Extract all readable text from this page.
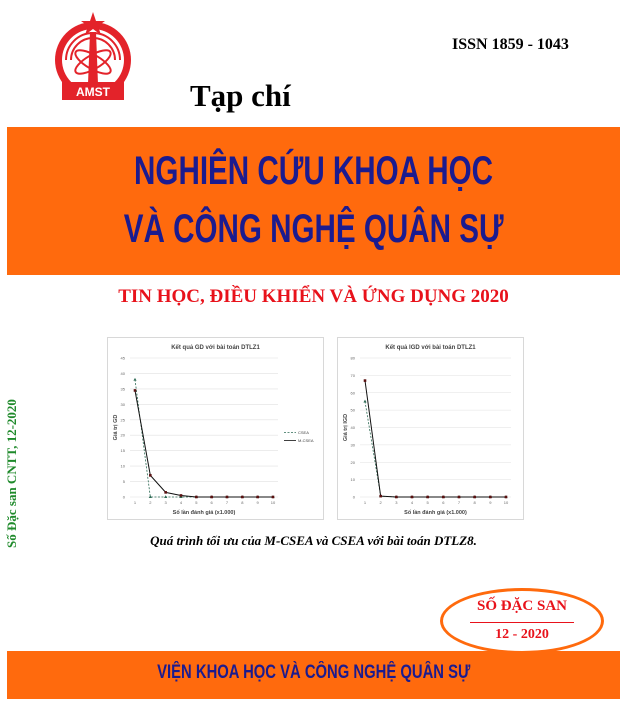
AMST
ISSN 1859 - 1043
Tạp chí
NGHIÊN CỨU KHOA HỌC
VÀ CÔNG NGHỆ QUÂN SỰ
TIN HỌC, ĐIỀU KHIỂN VÀ ỨNG DỤNG 2020
Kết quả GD với bài toán DTLZ1
0
5
10
15
20
25
30
35
40
45
1	2	3	4	5	6	7	8	9	10
Số lần đánh giá (x1.000)
Giá trị GD	CSEA
M-CSEA
Kết quả IGD với bài toán DTLZ1
0
10
20
30
40
50
60
70
80
1	2	3	4	5	6	7	8	9	10
Số lần đánh giá (x1.000)
Giá trị IGD
Quá trình tối ưu của M-CSEA và CSEA với bài toán DTLZ8.
Số Đặc san CNTT, 12-2020
SỐ ĐẶC SAN
12 - 2020
VIỆN KHOA HỌC VÀ CÔNG NGHỆ QUÂN SỰ
